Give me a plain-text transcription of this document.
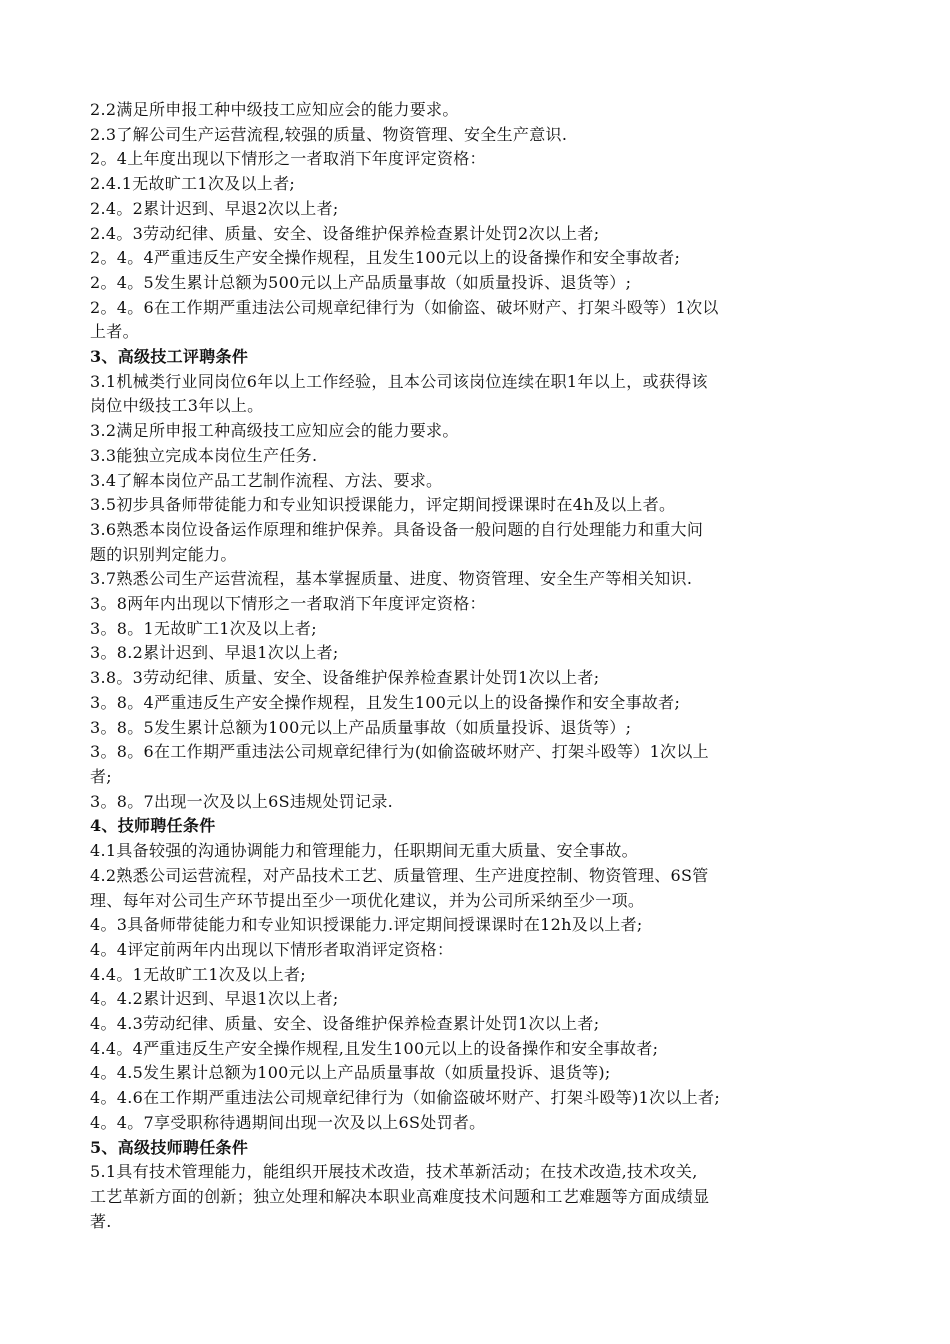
2.2满足所申报工种中级技工应知应会的能力要求。
2.3了解公司生产运营流程,较强的质量、物资管理、安全生产意识.
2。4上年度出现以下情形之一者取消下年度评定资格：
2.4.1无故旷工1次及以上者;
2.4。2累计迟到、早退2次以上者;
2.4。3劳动纪律、质量、安全、设备维护保养检查累计处罚2次以上者;
2。4。4严重违反生产安全操作规程，且发生100元以上的设备操作和安全事故者;
2。4。5发生累计总额为500元以上产品质量事故（如质量投诉、退货等）;
2。4。6在工作期严重违法公司规章纪律行为（如偷盗、破坏财产、打架斗殴等）1次以
上者。
3、高级技工评聘条件
3.1机械类行业同岗位6年以上工作经验，且本公司该岗位连续在职1年以上，或获得该
岗位中级技工3年以上。
3.2满足所申报工种高级技工应知应会的能力要求。
3.3能独立完成本岗位生产任务.
3.4了解本岗位产品工艺制作流程、方法、要求。
3.5初步具备师带徒能力和专业知识授课能力，评定期间授课课时在4h及以上者。
3.6熟悉本岗位设备运作原理和维护保养。具备设备一般问题的自行处理能力和重大问
题的识别判定能力。
3.7熟悉公司生产运营流程，基本掌握质量、进度、物资管理、安全生产等相关知识.
3。8两年内出现以下情形之一者取消下年度评定资格：
3。8。1无故旷工1次及以上者;
3。8.2累计迟到、早退1次以上者;
3.8。3劳动纪律、质量、安全、设备维护保养检查累计处罚1次以上者;
3。8。4严重违反生产安全操作规程，且发生100元以上的设备操作和安全事故者;
3。8。5发生累计总额为100元以上产品质量事故（如质量投诉、退货等）;
3。8。6在工作期严重违法公司规章纪律行为(如偷盗破坏财产、打架斗殴等）1次以上
者;
3。8。7出现一次及以上6S违规处罚记录.
4、技师聘任条件
4.1具备较强的沟通协调能力和管理能力，任职期间无重大质量、安全事故。
4.2熟悉公司运营流程，对产品技术工艺、质量管理、生产进度控制、物资管理、6S管
理、每年对公司生产环节提出至少一项优化建议，并为公司所采纳至少一项。
4。3具备师带徒能力和专业知识授课能力.评定期间授课课时在12h及以上者;
4。4评定前两年内出现以下情形者取消评定资格：
4.4。1无故旷工1次及以上者;
4。4.2累计迟到、早退1次以上者;
4。4.3劳动纪律、质量、安全、设备维护保养检查累计处罚1次以上者;
4.4。4严重违反生产安全操作规程,且发生100元以上的设备操作和安全事故者;
4。4.5发生累计总额为100元以上产品质量事故（如质量投诉、退货等);
4。4.6在工作期严重违法公司规章纪律行为（如偷盗破坏财产、打架斗殴等)1次以上者;
4。4。7享受职称待遇期间出现一次及以上6S处罚者。
5、高级技师聘任条件
5.1具有技术管理能力，能组织开展技术改造，技术革新活动；在技术改造,技术攻关,
工艺革新方面的创新；独立处理和解决本职业高难度技术问题和工艺难题等方面成绩显
著.
